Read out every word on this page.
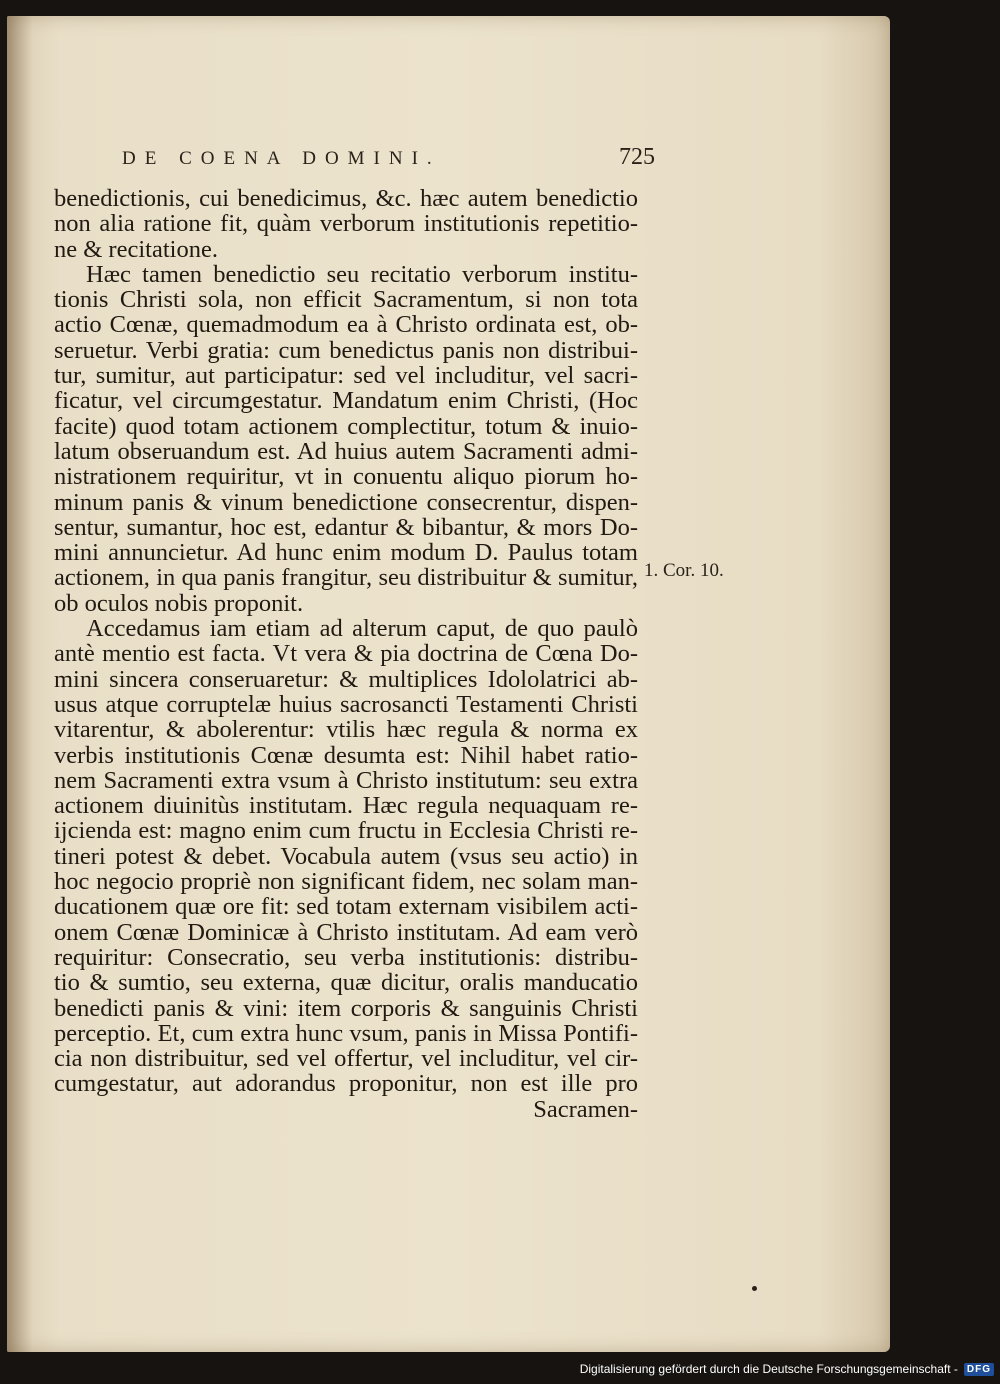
DE COENA DOMINI.	725
benedictionis, cui benedicimus, &c. hæc autem benedictio
non alia ratione fit, quàm verborum institutionis repetitio-
ne & recitatione.
Hæc tamen benedictio seu recitatio verborum institu-
tionis Christi sola, non efficit Sacramentum, si non tota
actio Cœnæ, quemadmodum ea à Christo ordinata est, ob-
seruetur. Verbi gratia: cum benedictus panis non distribui-
tur, sumitur, aut participatur: sed vel includitur, vel sacri-
ficatur, vel circumgestatur. Mandatum enim Christi, (Hoc
facite) quod totam actionem complectitur, totum & inuio-
latum obseruandum est. Ad huius autem Sacramenti admi-
nistrationem requiritur, vt in conuentu aliquo piorum ho-
minum panis & vinum benedictione consecrentur, dispen-
sentur, sumantur, hoc est, edantur & bibantur, & mors Do-
mini annuncietur. Ad hunc enim modum D. Paulus totam
actionem, in qua panis frangitur, seu distribuitur & sumitur,
ob oculos nobis proponit.
Accedamus iam etiam ad alterum caput, de quo paulò
antè mentio est facta. Vt vera & pia doctrina de Cœna Do-
mini sincera conseruaretur: & multiplices Idololatrici ab-
usus atque corruptelæ huius sacrosancti Testamenti Christi
vitarentur, & abolerentur: vtilis hæc regula & norma ex
verbis institutionis Cœnæ desumta est: Nihil habet ratio-
nem Sacramenti extra vsum à Christo institutum: seu extra
actionem diuinitùs institutam. Hæc regula nequaquam re-
ijcienda est: magno enim cum fructu in Ecclesia Christi re-
tineri potest & debet. Vocabula autem (vsus seu actio) in
hoc negocio propriè non significant fidem, nec solam man-
ducationem quæ ore fit: sed totam externam visibilem acti-
onem Cœnæ Dominicæ à Christo institutam. Ad eam verò
requiritur: Consecratio, seu verba institutionis: distribu-
tio & sumtio, seu externa, quæ dicitur, oralis manducatio
benedicti panis & vini: item corporis & sanguinis Christi
perceptio. Et, cum extra hunc vsum, panis in Missa Pontifi-
cia non distribuitur, sed vel offertur, vel includitur, vel cir-
cumgestatur, aut adorandus proponitur, non est ille pro
Sacramen-
1. Cor. 10.
Digitalisierung gefördert durch die Deutsche Forschungsgemeinschaft - DFG
